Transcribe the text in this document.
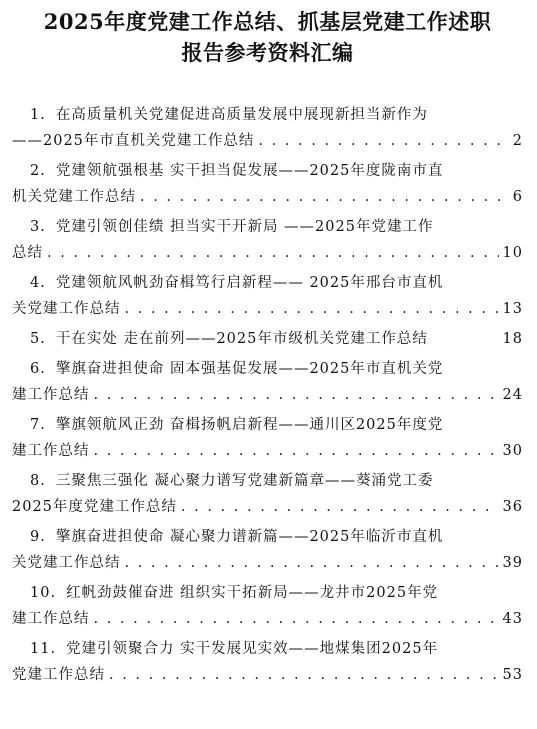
2025年度党建工作总结、抓基层党建工作述职
报告参考资料汇编
1. 在高质量机关党建促进高质量发展中展现新担当新作为
——2025年市直机关党建工作总结 . . .	2
2. 党建领航强根基 实干担当促发展——2025年度陇南市直
机关党建工作总结 . . .	6
3. 党建引领创佳绩 担当实干开新局 ——2025年党建工作
总结 . . .	10
4. 党建领航风帆劲奋楫笃行启新程—— 2025年邢台市直机
关党建工作总结 . . .	13
5. 干在实处 走在前列——2025年市级机关党建工作总结	18
6. 擎旗奋进担使命 固本强基促发展——2025年市直机关党
建工作总结 . . .	24
7. 擎旗领航风正劲 奋楫扬帆启新程——通川区2025年度党
建工作总结 . . .	30
8. 三聚焦三强化 凝心聚力谱写党建新篇章——葵涌党工委
2025年度党建工作总结 . . .	36
9. 擎旗奋进担使命 凝心聚力谱新篇——2025年临沂市直机
关党建工作总结 . . .	39
10. 红帆劲鼓催奋进 组织实干拓新局——龙井市2025年党
建工作总结 . . .	43
11. 党建引领聚合力 实干发展见实效——地煤集团2025年
党建工作总结 . . .	53
